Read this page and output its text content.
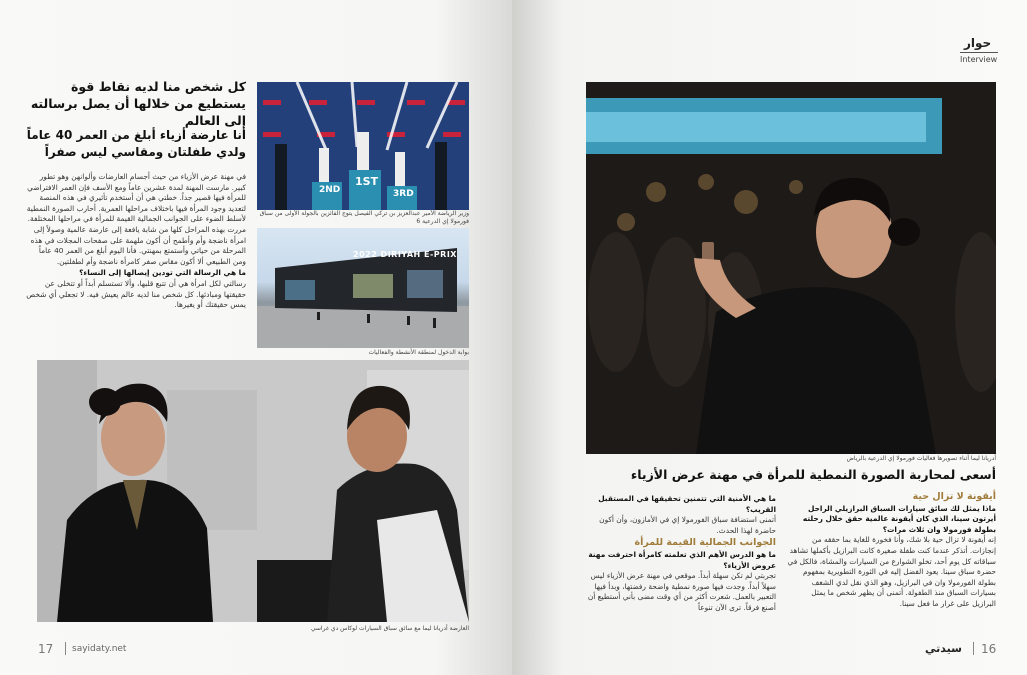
كل شخص منا لديه نقاط قوة يستطيع من خلالها أن يصل برسالته إلى العالم
أنا عارضة أزياء أبلغ من العمر 40 عاماً ولدي طفلتان ومقاسي ليس صفراً
في مهنة عرض الأزياء من حيث أجسام العارضات وألوانهن وهو تطور كبير. مارست المهنة لمدة عشرين عاماً ومع الأسف فإن العمر الافتراضي للمرأة فيها قصير جداً. خطتي هي أن أستخدم تأثيري في هذه المنصة لتعديد وجود المرأة فيها باختلاف مراحلها العمرية. أحارب الصورة النمطية لأسلط الضوء على الجوانب الجمالية القيمة للمرأة في مراحلها المختلفة. مررت بهذه المراحل كلها من شابة يافعة إلى عارضة عالمية وصولاً إلى امرأة ناضجة وأم وأطمح أن أكون ملهمة على صفحات المجلات في هذه المرحلة من حياتي وأستمتع بمهنتي. فأنا اليوم أبلغ من العمر 40 عاماً ومن الطبيعي ألا أكون مقاس صفر كامرأة ناضجة وأم لطفلتين.
ما هي الرسالة التي تودين إيصالها إلى النساء؟
رسالتي لكل امرأة هي أن تتبع قلبها، وألا تستسلم أبداً أو تتخلى عن حقيقتها ومبادئها. كل شخص منا لديه عالم يعيش فيه. لا تجعلي أي شخص يمس حقيقتك أو يغيرها.
2ND
1ST
3RD
وزير الرياضة الأمير عبدالعزيز بن تركي الفيصل يتوج الفائزين بالجولة الأولى من سباق فورمولا إي الدرعية 6
2022 DIRIYAH E-PRIX
بوابة الدخول لمنطقة الأنشطة والفعاليات
العارضة أدريانا ليما مع سائق سباق السيارات لوكاس دي غراسي
17 sayidaty.net
حوار
Interview
أدريانا ليما أثناء تصويرها فعاليات فورمولا إي الدرعية بالرياض
أسعى لمحاربة الصورة النمطية للمرأة في مهنة عرض الأزياء
أيقونة لا تزال حية
ماذا يمثل لك سائق سيارات السباق البرازيلي الراحل أيرتون سينا، الذي كان أيقونة عالمية حقق خلال رحلته بطولة فورمولا وان ثلاث مرات؟
إنه أيقونة لا تزال حية بلا شك، وأنا فخورة للغاية بما حققه من إنجازات. أتذكر عندما كنت طفلة صغيرة كانت البرازيل بأكملها تشاهد سباقاته كل يوم أحد، تخلو الشوارع من السيارات والمشاة، فالكل في حضرة سباق سينا. يعود الفضل إليه في الثورة التطويرية بمفهوم بطولة الفورمولا وان في البرازيل، وهو الذي نقل لدي الشغف بسيارات السباق منذ الطفولة. أتمنى أن يظهر شخص ما يمثل البرازيل على غرار ما فعل سينا.
ما هي الأمنية التي تتمنين تحقيقها في المستقبل القريب؟
أتمنى استضافة سباق الفورمولا إي في الأمازون، وأن أكون حاضرة لهذا الحدث.
الجوانب الجمالية القيمة للمرأة
ما هو الدرس الأهم الذي تعلمته كامرأة احترفت مهنة عروض الأزياء؟
تجربتي لم تكن سهلة أبداً. موقعي في مهنة عرض الأزياء ليس سهلاً أبداً. وجدت فيها صورة نمطية واضحة رفضتها، وبدأ فيها التعبير بالعمل. شعرت أكثر من أي وقت مضى بأني أستطيع أن أصنع فرقاً. ترى الآن تنوعاً
سيدتي 16
